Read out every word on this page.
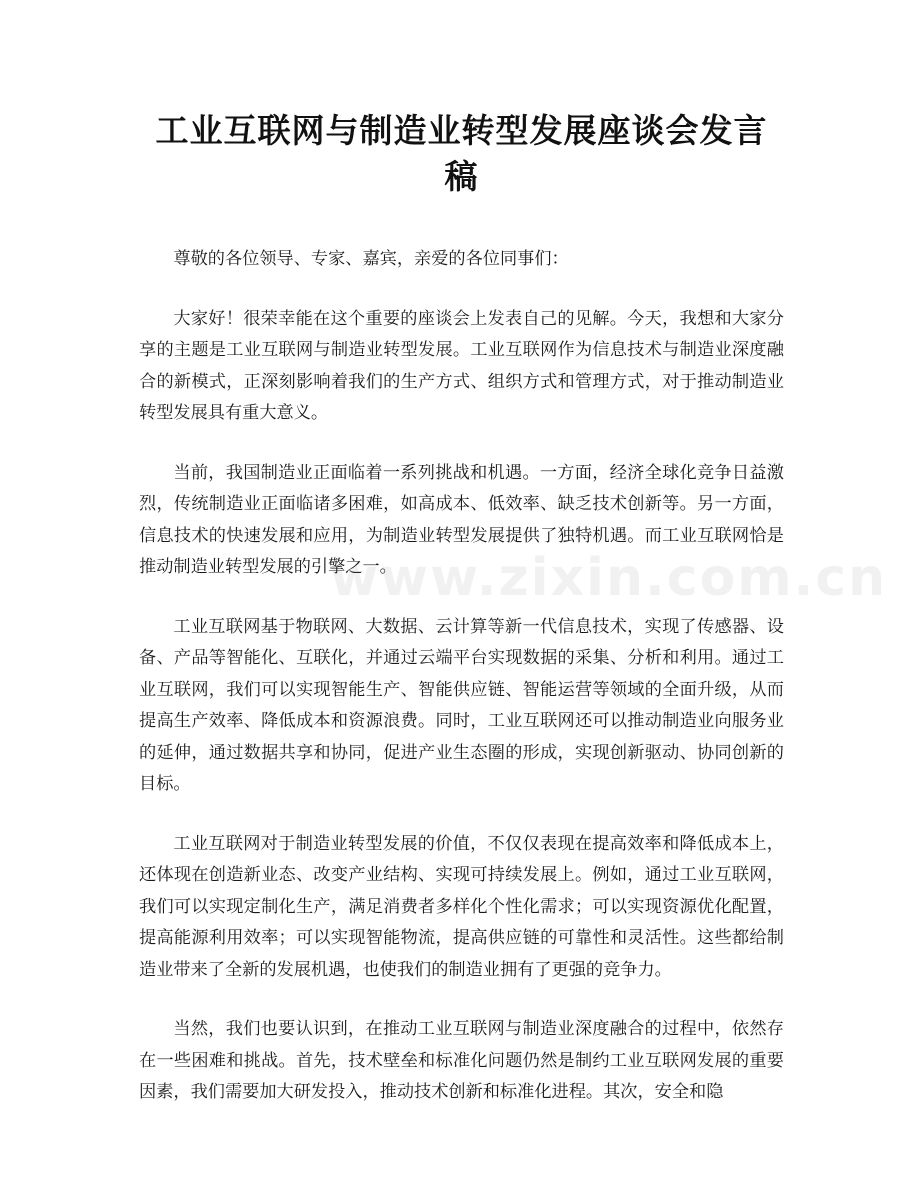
工业互联网与制造业转型发展座谈会发言稿

尊敬的各位领导、专家、嘉宾，亲爱的各位同事们：

大家好！很荣幸能在这个重要的座谈会上发表自己的见解。今天，我想和大家分享的主题是工业互联网与制造业转型发展。工业互联网作为信息技术与制造业深度融合的新模式，正深刻影响着我们的生产方式、组织方式和管理方式，对于推动制造业转型发展具有重大意义。

当前，我国制造业正面临着一系列挑战和机遇。一方面，经济全球化竞争日益激烈，传统制造业正面临诸多困难，如高成本、低效率、缺乏技术创新等。另一方面，信息技术的快速发展和应用，为制造业转型发展提供了独特机遇。而工业互联网恰是推动制造业转型发展的引擎之一。

工业互联网基于物联网、大数据、云计算等新一代信息技术，实现了传感器、设备、产品等智能化、互联化，并通过云端平台实现数据的采集、分析和利用。通过工业互联网，我们可以实现智能生产、智能供应链、智能运营等领域的全面升级，从而提高生产效率、降低成本和资源浪费。同时，工业互联网还可以推动制造业向服务业的延伸，通过数据共享和协同，促进产业生态圈的形成，实现创新驱动、协同创新的目标。

工业互联网对于制造业转型发展的价值，不仅仅表现在提高效率和降低成本上，还体现在创造新业态、改变产业结构、实现可持续发展上。例如，通过工业互联网，我们可以实现定制化生产，满足消费者多样化个性化需求；可以实现资源优化配置，提高能源利用效率；可以实现智能物流，提高供应链的可靠性和灵活性。这些都给制造业带来了全新的发展机遇，也使我们的制造业拥有了更强的竞争力。

当然，我们也要认识到，在推动工业互联网与制造业深度融合的过程中，依然存在一些困难和挑战。首先，技术壁垒和标准化问题仍然是制约工业互联网发展的重要因素，我们需要加大研发投入，推动技术创新和标准化进程。其次，安全和隐

www.zixin.com.cn
